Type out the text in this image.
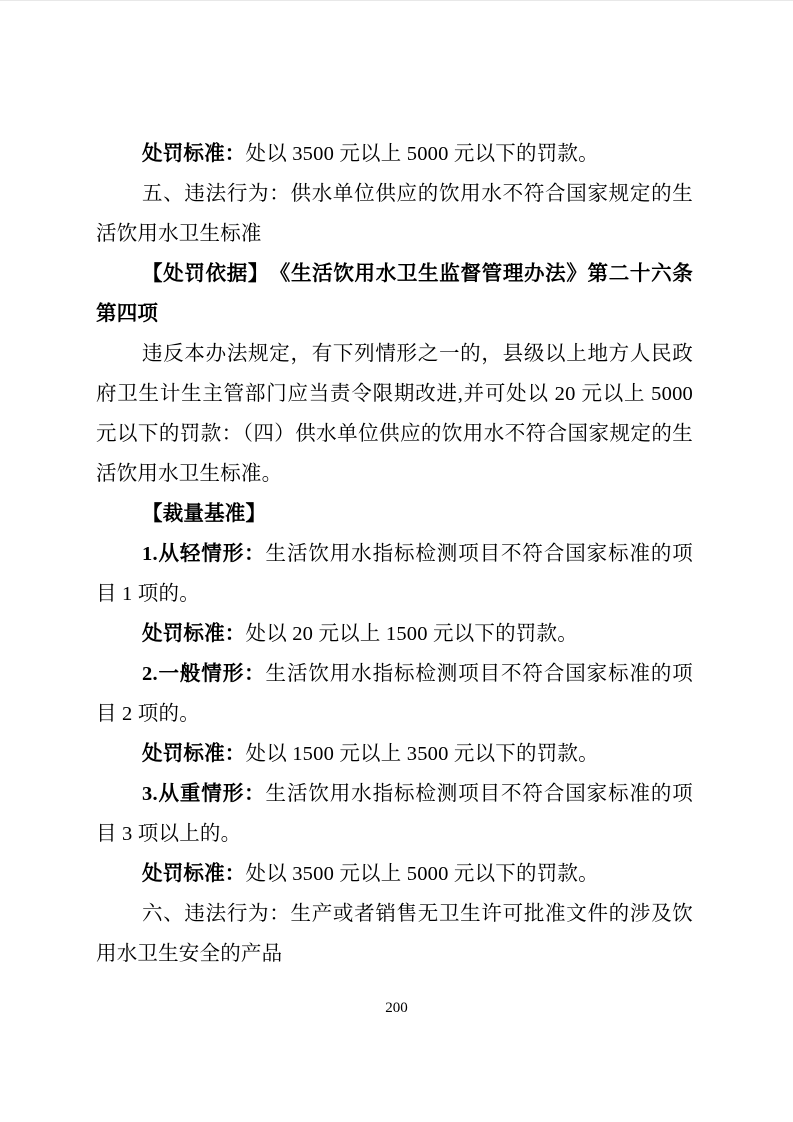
处罚标准：处以 3500 元以上 5000 元以下的罚款。

五、违法行为：供水单位供应的饮用水不符合国家规定的生活饮用水卫生标准

【处罚依据】　《生活饮用水卫生监督管理办法》第二十六条第四项

违反本办法规定，有下列情形之一的，县级以上地方人民政府卫生计生主管部门应当责令限期改进,并可处以 20 元以上 5000 元以下的罚款：（四）供水单位供应的饮用水不符合国家规定的生活饮用水卫生标准。

【裁量基准】

1.从轻情形：生活饮用水指标检测项目不符合国家标准的项目 1 项的。

处罚标准：处以 20 元以上 1500 元以下的罚款。

2.一般情形：生活饮用水指标检测项目不符合国家标准的项目 2 项的。

处罚标准：处以 1500 元以上 3500 元以下的罚款。

3.从重情形：生活饮用水指标检测项目不符合国家标准的项目 3 项以上的。

处罚标准：处以 3500 元以上 5000 元以下的罚款。

六、违法行为：生产或者销售无卫生许可批准文件的涉及饮用水卫生安全的产品

200
